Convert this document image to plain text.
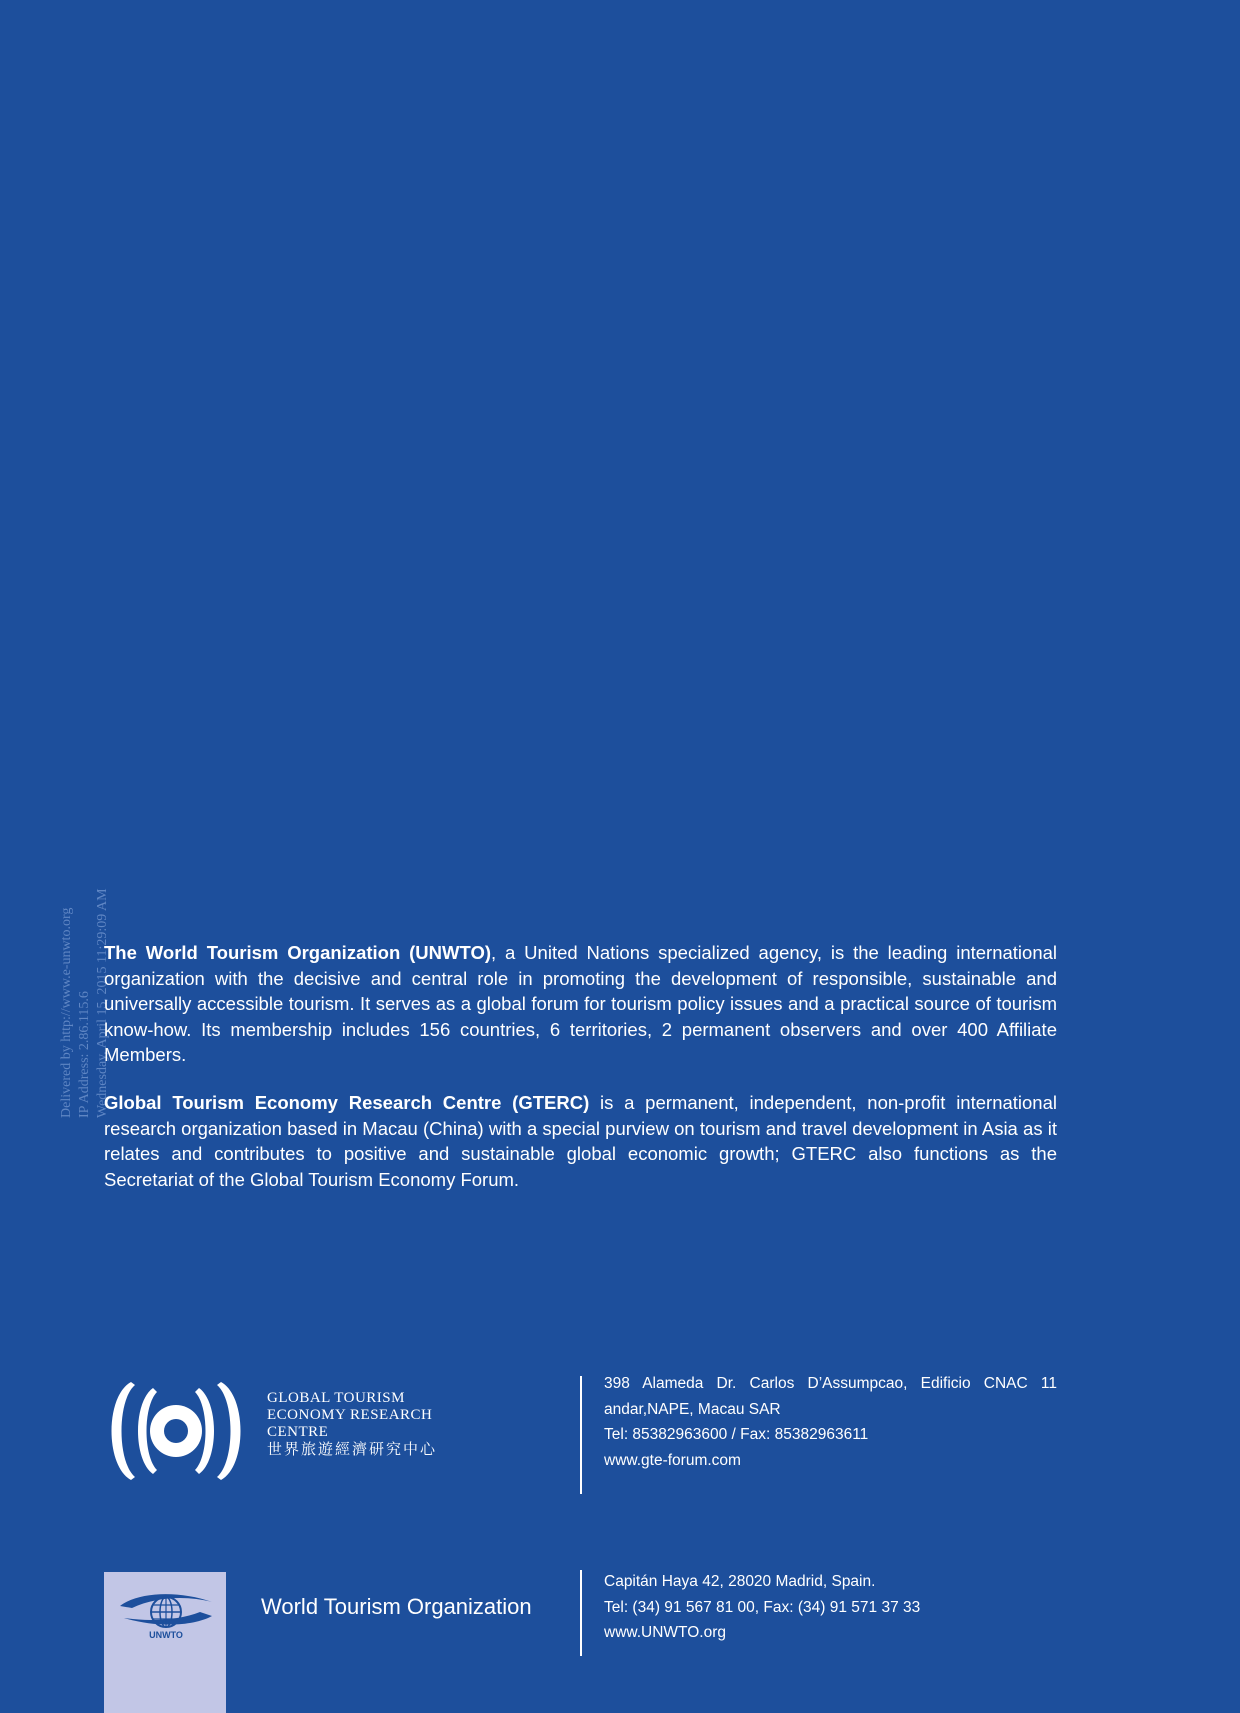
Delivered by http://www.e-unwto.org IP Address: 2.86.115.6 Wednesday, April 15, 2015 11:29:09 AM

The World Tourism Organization (UNWTO), a United Nations specialized agency, is the leading international organization with the decisive and central role in promoting the development of responsible, sustainable and universally accessible tourism. It serves as a global forum for tourism policy issues and a practical source of tourism know-how. Its membership includes 156 countries, 6 territories, 2 permanent observers and over 400 Affiliate Members.

Global Tourism Economy Research Centre (GTERC) is a permanent, independent, non-profit international research organization based in Macau (China) with a special purview on tourism and travel development in Asia as it relates and contributes to positive and sustainable global economic growth; GTERC also functions as the Secretariat of the Global Tourism Economy Forum.

GLOBAL TOURISM
ECONOMY RESEARCH
CENTRE
世界旅遊經濟研究中心
398 Alameda Dr. Carlos D’Assumpcao, Edificio CNAC 11
andar,NAPE, Macau SAR
Tel: 85382963600 / Fax: 85382963611
www.gte-forum.com
UNWTO
World Tourism Organization
Capitán Haya 42, 28020 Madrid, Spain.
Tel: (34) 91 567 81 00, Fax: (34) 91 571 37 33
www.UNWTO.org
